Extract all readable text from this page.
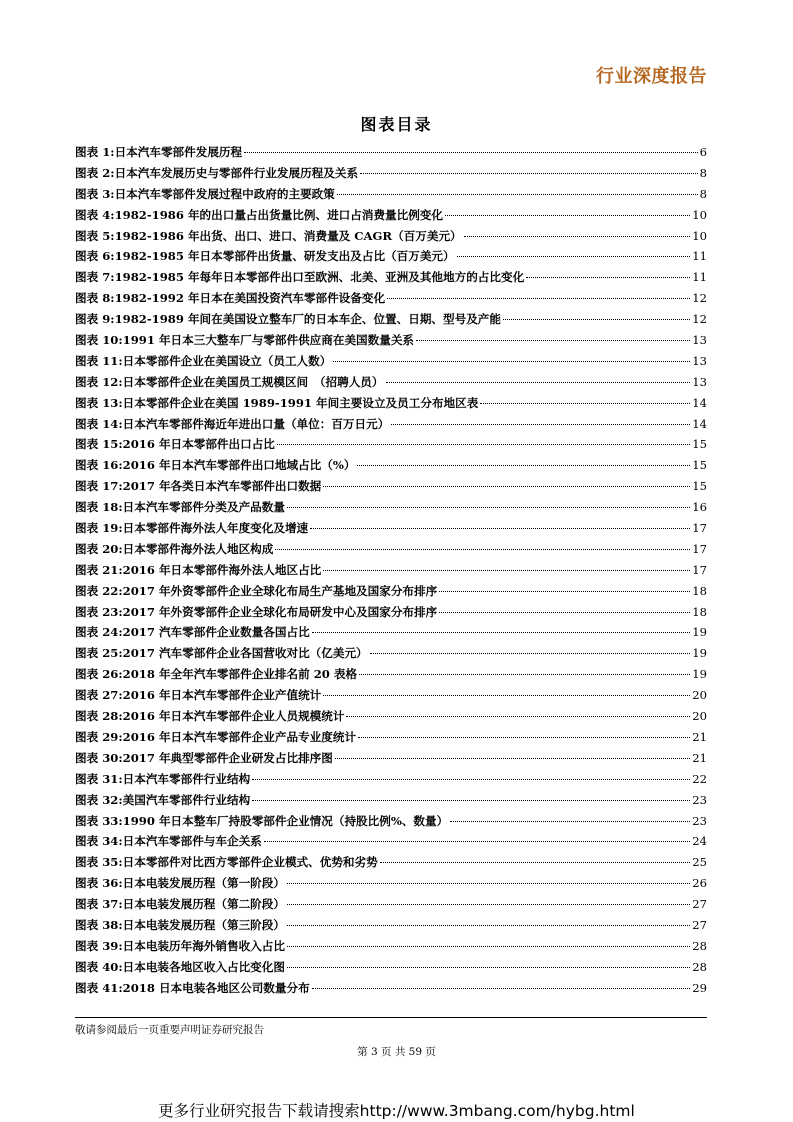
行业深度报告
图表目录
图表 1: 日本汽车零部件发展历程	6
图表 2: 日本汽车发展历史与零部件行业发展历程及关系	8
图表 3: 日本汽车零部件发展过程中政府的主要政策	8
图表 4: 1982-1986 年的出口量占出货量比例、进口占消费量比例变化	10
图表 5: 1982-1986 年出货、出口、进口、消费量及 CAGR（百万美元）	10
图表 6: 1982-1985 年日本零部件出货量、研发支出及占比（百万美元）	11
图表 7: 1982-1985 年每年日本零部件出口至欧洲、北美、亚洲及其他地方的占比变化	11
图表 8: 1982-1992 年日本在美国投资汽车零部件设备变化	12
图表 9: 1982-1989 年间在美国设立整车厂的日本车企、位置、日期、型号及产能	12
图表 10: 1991 年日本三大整车厂与零部件供应商在美国数量关系	13
图表 11: 日本零部件企业在美国设立（员工人数）	13
图表 12: 日本零部件企业在美国员工规模区间　（招聘人员）	13
图表 13: 日本零部件企业在美国 1989-1991 年间主要设立及员工分布地区表	14
图表 14: 日本汽车零部件海近年进出口量（单位：百万日元）	14
图表 15: 2016 年日本零部件出口占比	15
图表 16: 2016 年日本汽车零部件出口地域占比（%）	15
图表 17: 2017 年各类日本汽车零部件出口数据	15
图表 18: 日本汽车零部件分类及产品数量	16
图表 19: 日本零部件海外法人年度变化及增速	17
图表 20: 日本零部件海外法人地区构成	17
图表 21: 2016 年日本零部件海外法人地区占比	17
图表 22: 2017 年外资零部件企业全球化布局生产基地及国家分布排序	18
图表 23: 2017 年外资零部件企业全球化布局研发中心及国家分布排序	18
图表 24: 2017 汽车零部件企业数量各国占比	19
图表 25: 2017 汽车零部件企业各国营收对比（亿美元）	19
图表 26: 2018 年全年汽车零部件企业排名前 20 表格	19
图表 27: 2016 年日本汽车零部件企业产值统计	20
图表 28: 2016 年日本汽车零部件企业人员规模统计	20
图表 29: 2016 年日本汽车零部件企业产品专业度统计	21
图表 30: 2017 年典型零部件企业研发占比排序图	21
图表 31: 日本汽车零部件行业结构	22
图表 32: 美国汽车零部件行业结构	23
图表 33: 1990 年日本整车厂持股零部件企业情况（持股比例%、数量）	23
图表 34: 日本汽车零部件与车企关系	24
图表 35: 日本零部件对比西方零部件企业模式、优势和劣势	25
图表 36: 日本电装发展历程（第一阶段）	26
图表 37: 日本电装发展历程（第二阶段）	27
图表 38: 日本电装发展历程（第三阶段）	27
图表 39: 日本电装历年海外销售收入占比	28
图表 40: 日本电装各地区收入占比变化图	28
图表 41: 2018 日本电装各地区公司数量分布	29
敬请参阅最后一页重要声明证券研究报告
第 3 页 共 59 页
更多行业研究报告下载请搜索http://www.3mbang.com/hybg.html
